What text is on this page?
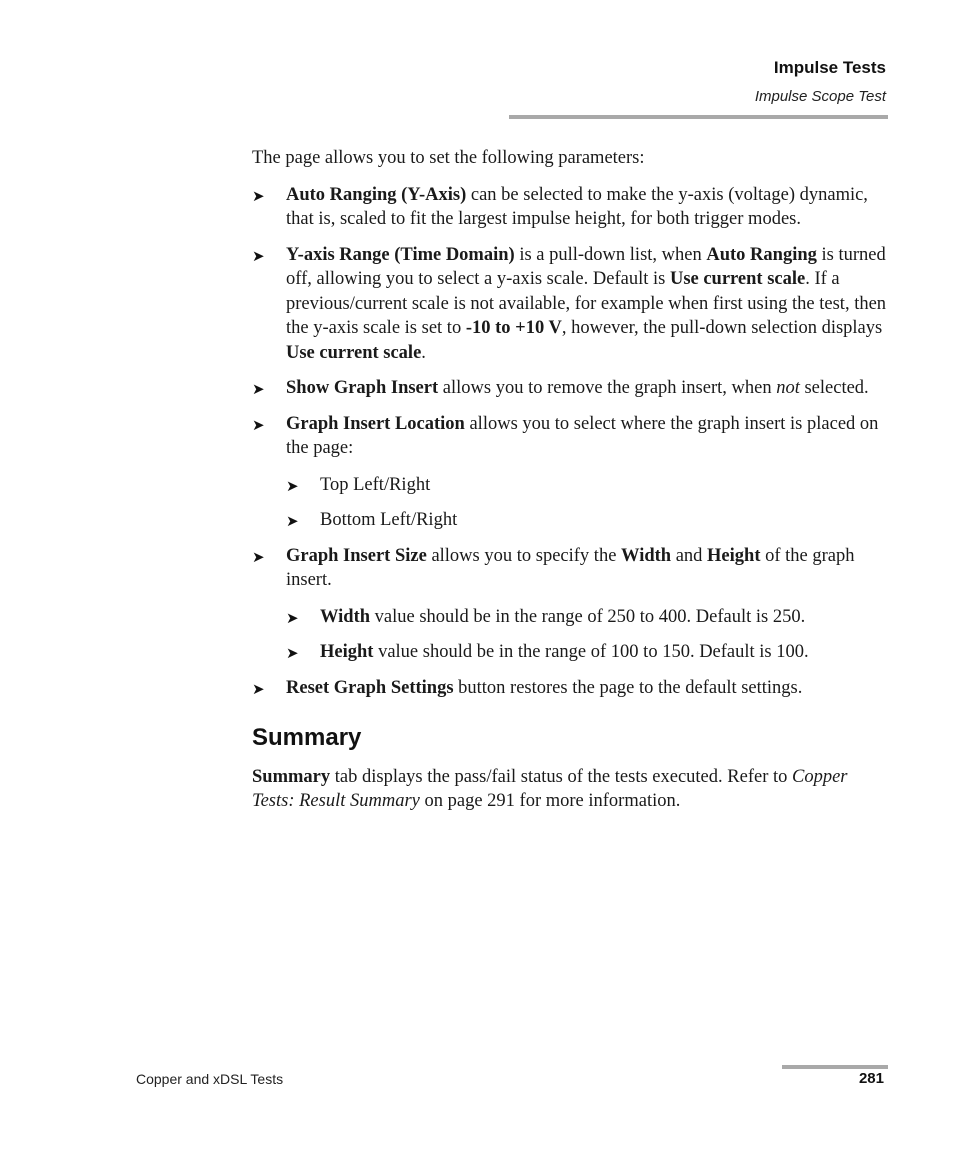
Impulse Tests
Impulse Scope Test

The page allows you to set the following parameters:

➤ Auto Ranging (Y-Axis) can be selected to make the y-axis (voltage) dynamic, that is, scaled to fit the largest impulse height, for both trigger modes.
➤ Y-axis Range (Time Domain) is a pull-down list, when Auto Ranging is turned off, allowing you to select a y-axis scale. Default is Use current scale. If a previous/current scale is not available, for example when first using the test, then the y-axis scale is set to -10 to +10 V, however, the pull-down selection displays Use current scale.
➤ Show Graph Insert allows you to remove the graph insert, when not selected.
➤ Graph Insert Location allows you to select where the graph insert is placed on the page:
➤ Top Left/Right
➤ Bottom Left/Right
➤ Graph Insert Size allows you to specify the Width and Height of the graph insert.
➤ Width value should be in the range of 250 to 400. Default is 250.
➤ Height value should be in the range of 100 to 150. Default is 100.
➤ Reset Graph Settings button restores the page to the default settings.
Summary

Summary tab displays the pass/fail status of the tests executed. Refer to Copper Tests: Result Summary on page 291 for more information.

Copper and xDSL Tests	281
